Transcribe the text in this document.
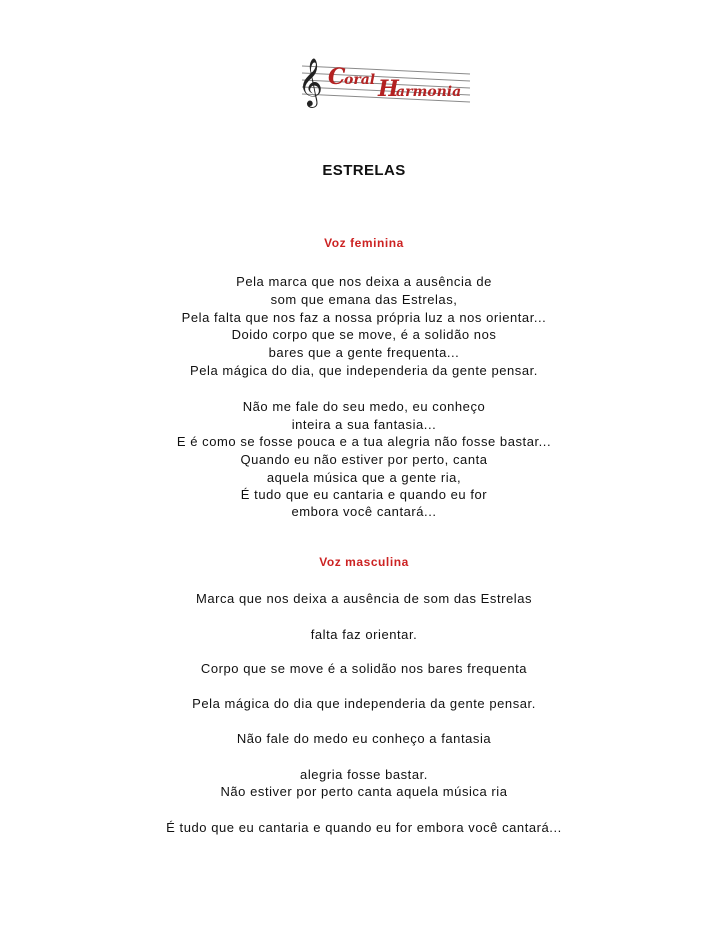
𝄞 C
oral H
armonia
ESTRELAS
Voz feminina
Pela marca que nos deixa a ausência de
som que emana das Estrelas,
Pela falta que nos faz a nossa própria luz a nos orientar...
Doido corpo que se move, é a solidão nos
bares que a gente frequenta...
Pela mágica do dia, que independeria da gente pensar.
Não me fale do seu medo, eu conheço
inteira a sua fantasia...
E é como se fosse pouca e a tua alegria não fosse bastar...
Quando eu não estiver por perto, canta
aquela música que a gente ria,
É tudo que eu cantaria e quando eu for
embora você cantará...
Voz masculina
Marca que nos deixa a ausência de som das Estrelas
falta faz orientar.
Corpo que se move é a solidão nos bares frequenta
Pela mágica do dia que independeria da gente pensar.
Não fale do medo eu conheço a fantasia
alegria fosse bastar.
Não estiver por perto canta aquela música ria
É tudo que eu cantaria e quando eu for embora você cantará...
